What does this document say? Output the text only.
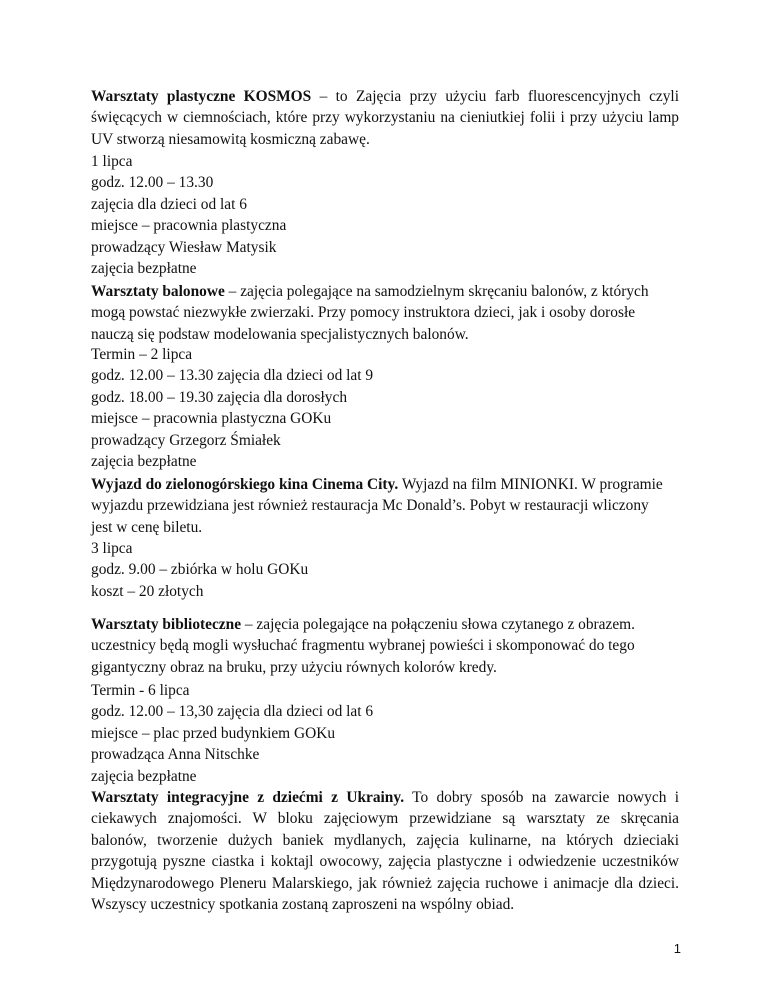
Warsztaty plastyczne KOSMOS – to Zajęcia przy użyciu farb fluorescencyjnych czyli
święcących w ciemnościach, które przy wykorzystaniu na cieniutkiej folii i przy użyciu lamp
UV stworzą niesamowitą kosmiczną zabawę.
1 lipca
godz. 12.00 – 13.30
zajęcia dla dzieci od lat 6
miejsce – pracownia plastyczna
prowadzący Wiesław Matysik
zajęcia bezpłatne
Warsztaty balonowe – zajęcia polegające na samodzielnym skręcaniu balonów, z których
mogą powstać niezwykłe zwierzaki. Przy pomocy instruktora dzieci, jak i osoby dorosłe
nauczą się podstaw modelowania specjalistycznych balonów.
Termin – 2 lipca
godz. 12.00 – 13.30 zajęcia dla dzieci od lat 9
godz. 18.00 – 19.30 zajęcia dla dorosłych
miejsce – pracownia plastyczna GOKu
prowadzący Grzegorz Śmiałek
zajęcia bezpłatne
Wyjazd do zielonogórskiego kina Cinema City. Wyjazd na film MINIONKI. W programie
wyjazdu przewidziana jest również restauracja Mc Donald’s. Pobyt w restauracji wliczony
jest w cenę biletu.
3 lipca
godz. 9.00 – zbiórka w holu GOKu
koszt – 20 złotych
Warsztaty biblioteczne – zajęcia polegające na połączeniu słowa czytanego z obrazem.
uczestnicy będą mogli wysłuchać fragmentu wybranej powieści i skomponować do tego
gigantyczny obraz na bruku, przy użyciu równych kolorów kredy.
Termin - 6 lipca
godz. 12.00 – 13,30 zajęcia dla dzieci od lat 6
miejsce – plac przed budynkiem GOKu
prowadząca Anna Nitschke
zajęcia bezpłatne
Warsztaty integracyjne z dziećmi z Ukrainy. To dobry sposób na zawarcie nowych i
ciekawych znajomości. W bloku zajęciowym przewidziane są warsztaty ze skręcania
balonów, tworzenie dużych baniek mydlanych, zajęcia kulinarne, na których dzieciaki
przygotują pyszne ciastka i koktajl owocowy, zajęcia plastyczne i odwiedzenie uczestników
Międzynarodowego Pleneru Malarskiego, jak również zajęcia ruchowe i animacje dla dzieci.
Wszyscy uczestnicy spotkania zostaną zaproszeni na wspólny obiad.
1
